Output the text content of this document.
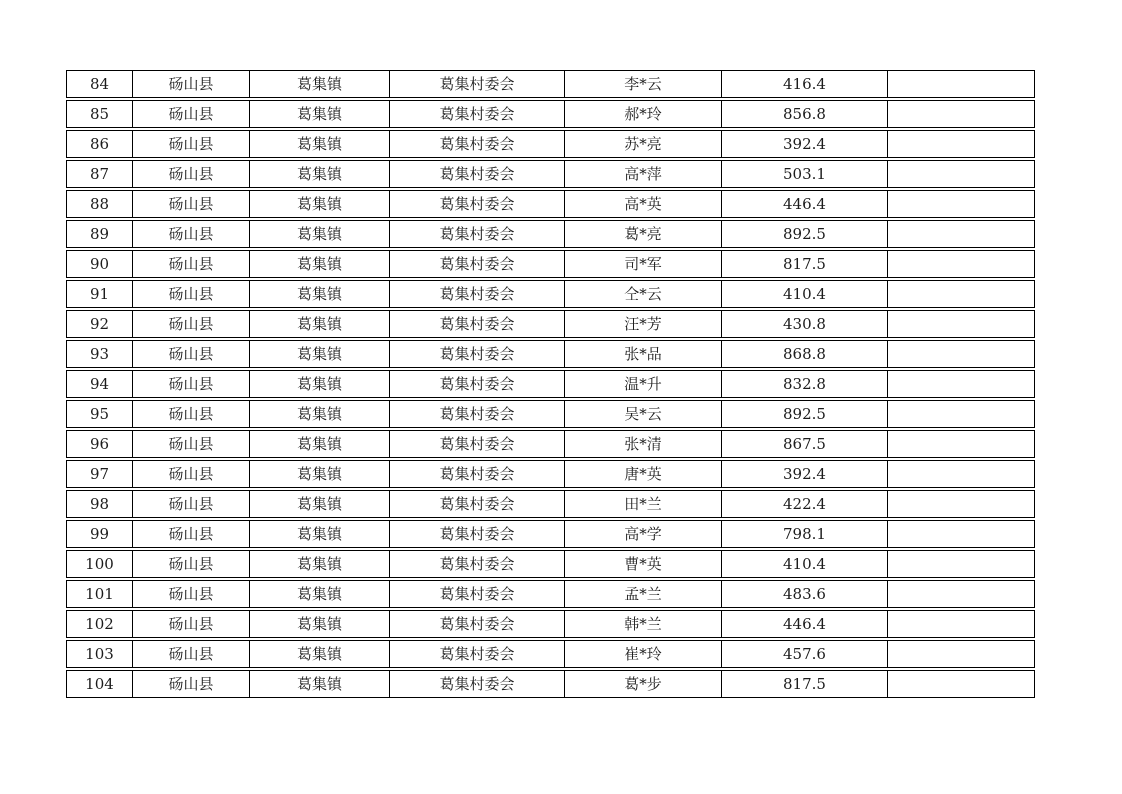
84	砀山县	葛集镇	葛集村委会	李*云	416.4
85	砀山县	葛集镇	葛集村委会	郝*玲	856.8
86	砀山县	葛集镇	葛集村委会	苏*亮	392.4
87	砀山县	葛集镇	葛集村委会	高*萍	503.1
88	砀山县	葛集镇	葛集村委会	高*英	446.4
89	砀山县	葛集镇	葛集村委会	葛*亮	892.5
90	砀山县	葛集镇	葛集村委会	司*军	817.5
91	砀山县	葛集镇	葛集村委会	仝*云	410.4
92	砀山县	葛集镇	葛集村委会	汪*芳	430.8
93	砀山县	葛集镇	葛集村委会	张*品	868.8
94	砀山县	葛集镇	葛集村委会	温*升	832.8
95	砀山县	葛集镇	葛集村委会	吴*云	892.5
96	砀山县	葛集镇	葛集村委会	张*清	867.5
97	砀山县	葛集镇	葛集村委会	唐*英	392.4
98	砀山县	葛集镇	葛集村委会	田*兰	422.4
99	砀山县	葛集镇	葛集村委会	高*学	798.1
100	砀山县	葛集镇	葛集村委会	曹*英	410.4
101	砀山县	葛集镇	葛集村委会	孟*兰	483.6
102	砀山县	葛集镇	葛集村委会	韩*兰	446.4
103	砀山县	葛集镇	葛集村委会	崔*玲	457.6
104	砀山县	葛集镇	葛集村委会	葛*步	817.5
